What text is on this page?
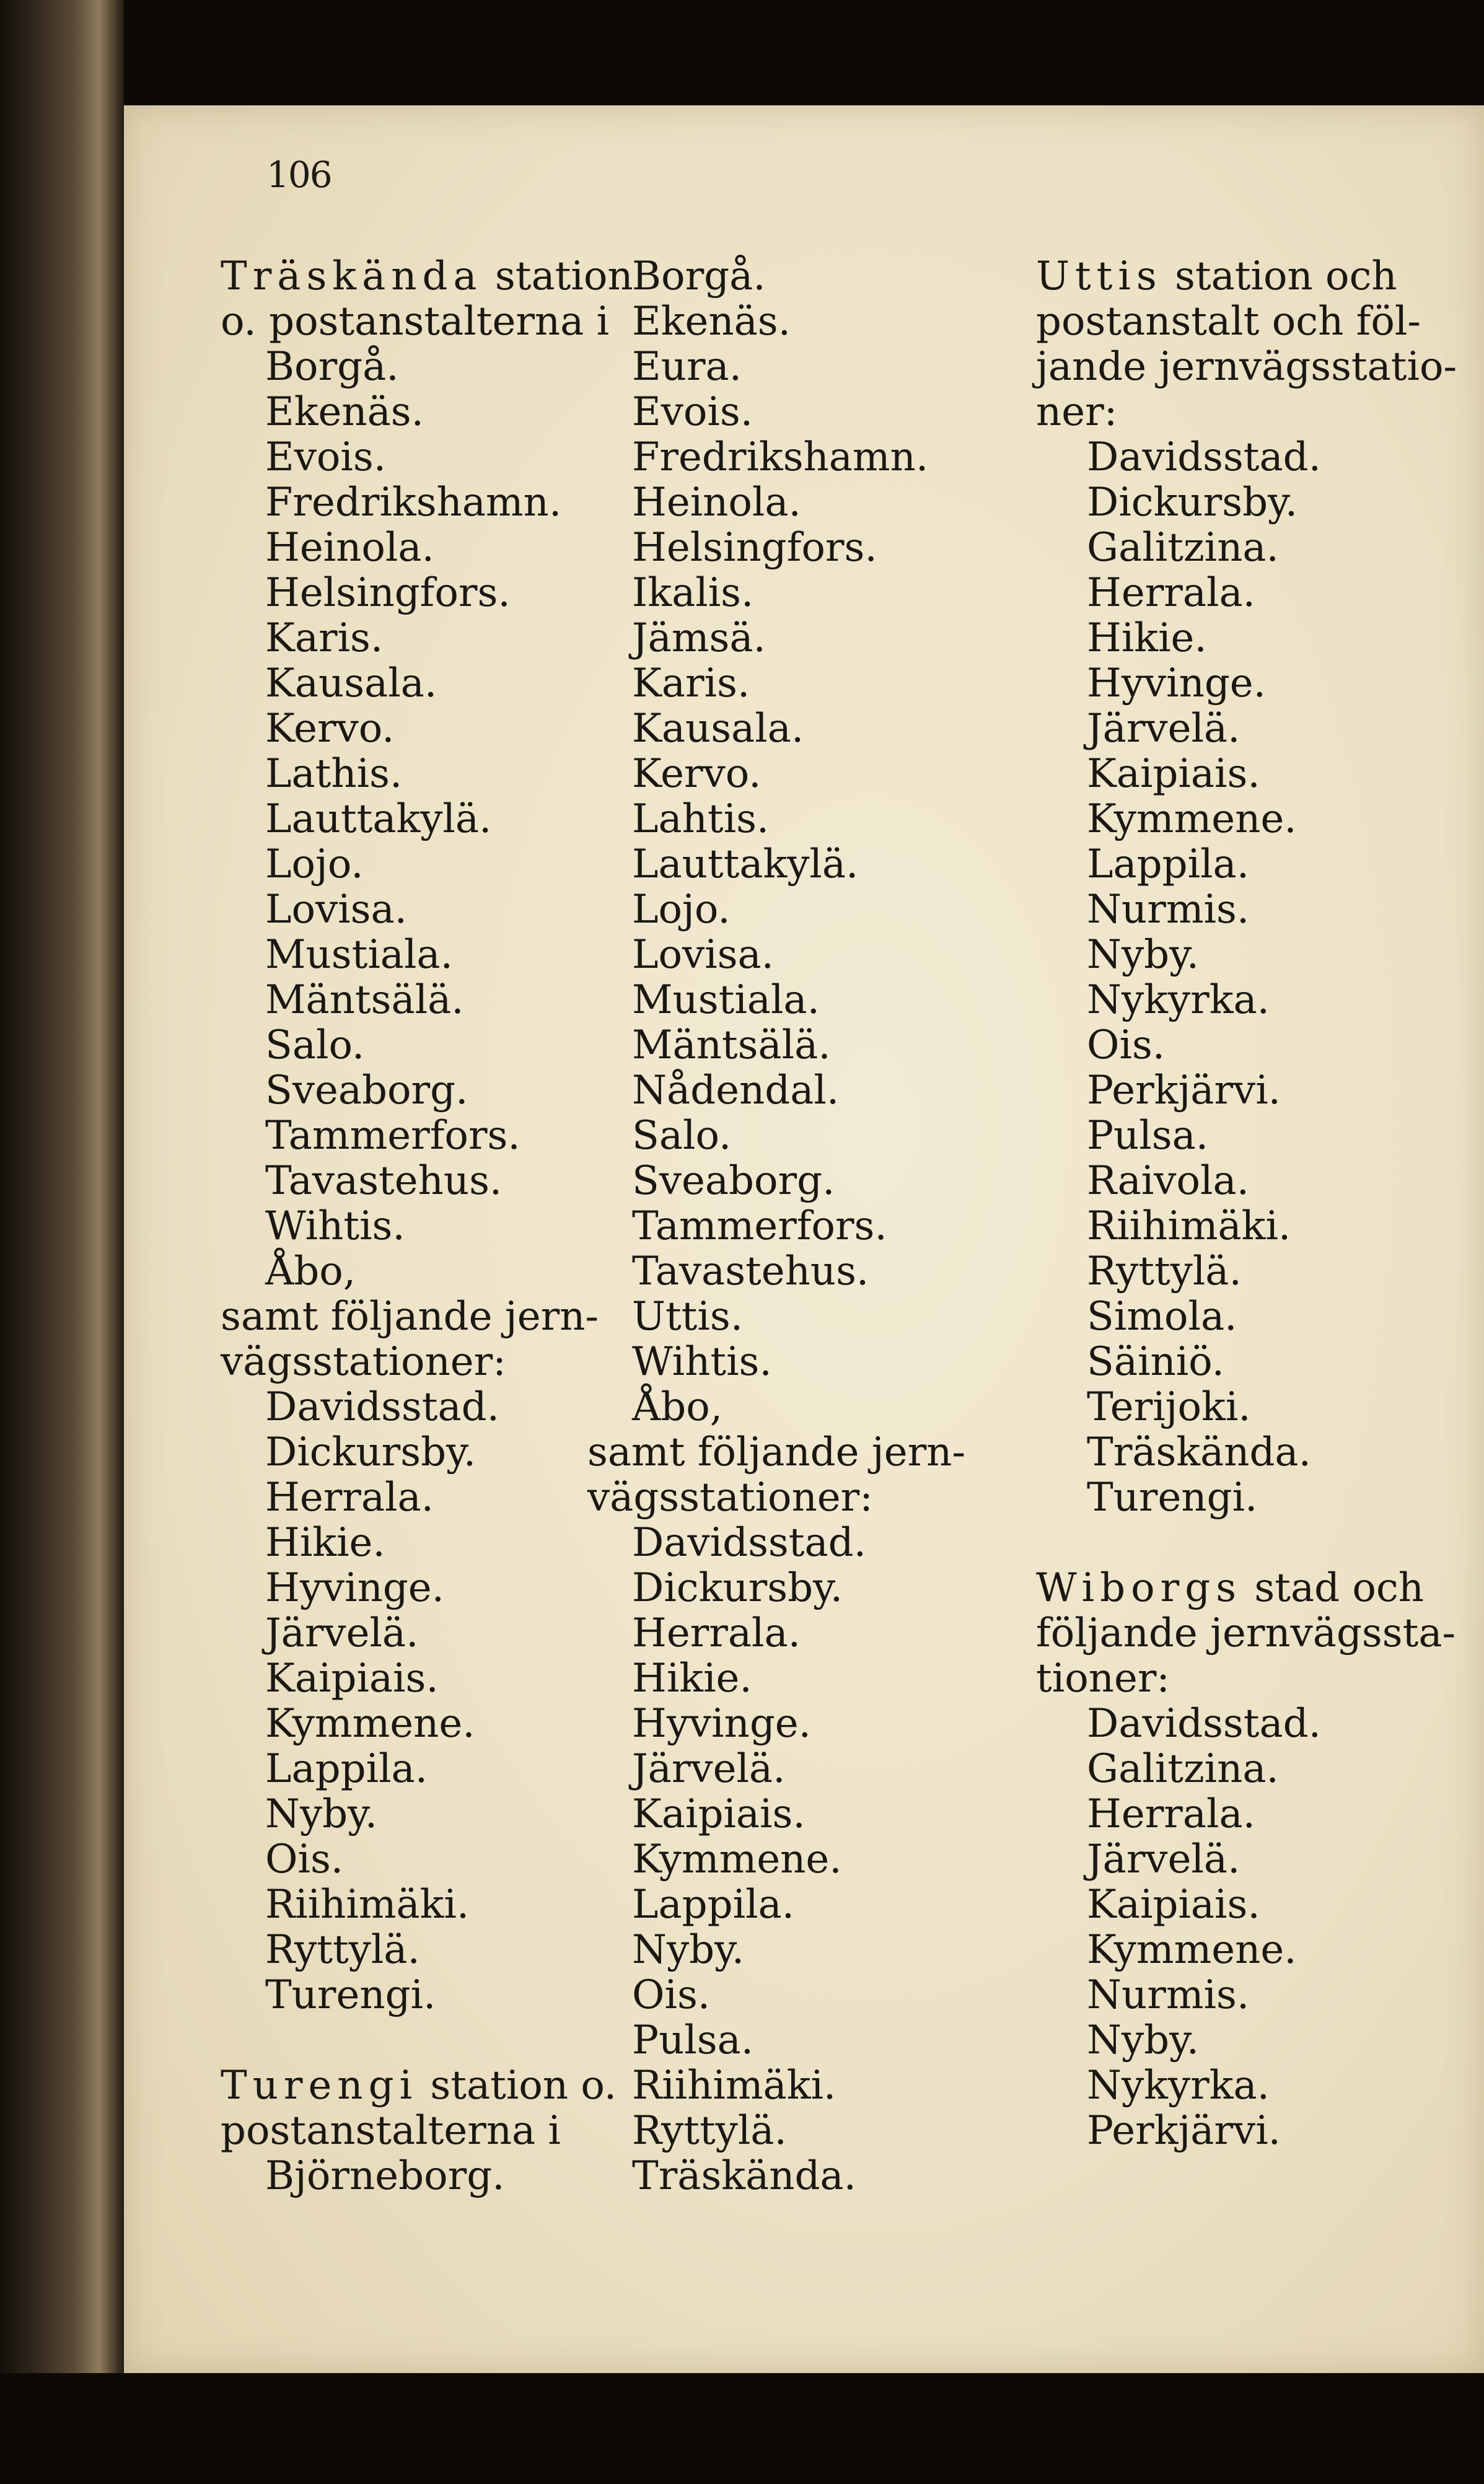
106
Träskända station
o. postanstalterna i
Borgå.
Ekenäs.
Evois.
Fredrikshamn.
Heinola.
Helsingfors.
Karis.
Kausala.
Kervo.
Lathis.
Lauttakylä.
Lojo.
Lovisa.
Mustiala.
Mäntsälä.
Salo.
Sveaborg.
Tammerfors.
Tavastehus.
Wihtis.
Åbo,
samt följande jern-
vägsstationer:
Davidsstad.
Dickursby.
Herrala.
Hikie.
Hyvinge.
Järvelä.
Kaipiais.
Kymmene.
Lappila.
Nyby.
Ois.
Riihimäki.
Ryttylä.
Turengi.
Turengi station o.
postanstalterna i
Björneborg.
Borgå.
Ekenäs.
Eura.
Evois.
Fredrikshamn.
Heinola.
Helsingfors.
Ikalis.
Jämsä.
Karis.
Kausala.
Kervo.
Lahtis.
Lauttakylä.
Lojo.
Lovisa.
Mustiala.
Mäntsälä.
Nådendal.
Salo.
Sveaborg.
Tammerfors.
Tavastehus.
Uttis.
Wihtis.
Åbo,
samt följande jern-
vägsstationer:
Davidsstad.
Dickursby.
Herrala.
Hikie.
Hyvinge.
Järvelä.
Kaipiais.
Kymmene.
Lappila.
Nyby.
Ois.
Pulsa.
Riihimäki.
Ryttylä.
Träskända.
Uttis station och
postanstalt och föl-
jande jernvägsstatio-
ner:
Davidsstad.
Dickursby.
Galitzina.
Herrala.
Hikie.
Hyvinge.
Järvelä.
Kaipiais.
Kymmene.
Lappila.
Nurmis.
Nyby.
Nykyrka.
Ois.
Perkjärvi.
Pulsa.
Raivola.
Riihimäki.
Ryttylä.
Simola.
Säiniö.
Terijoki.
Träskända.
Turengi.
Wiborgs stad och
följande jernvägssta-
tioner:
Davidsstad.
Galitzina.
Herrala.
Järvelä.
Kaipiais.
Kymmene.
Nurmis.
Nyby.
Nykyrka.
Perkjärvi.
